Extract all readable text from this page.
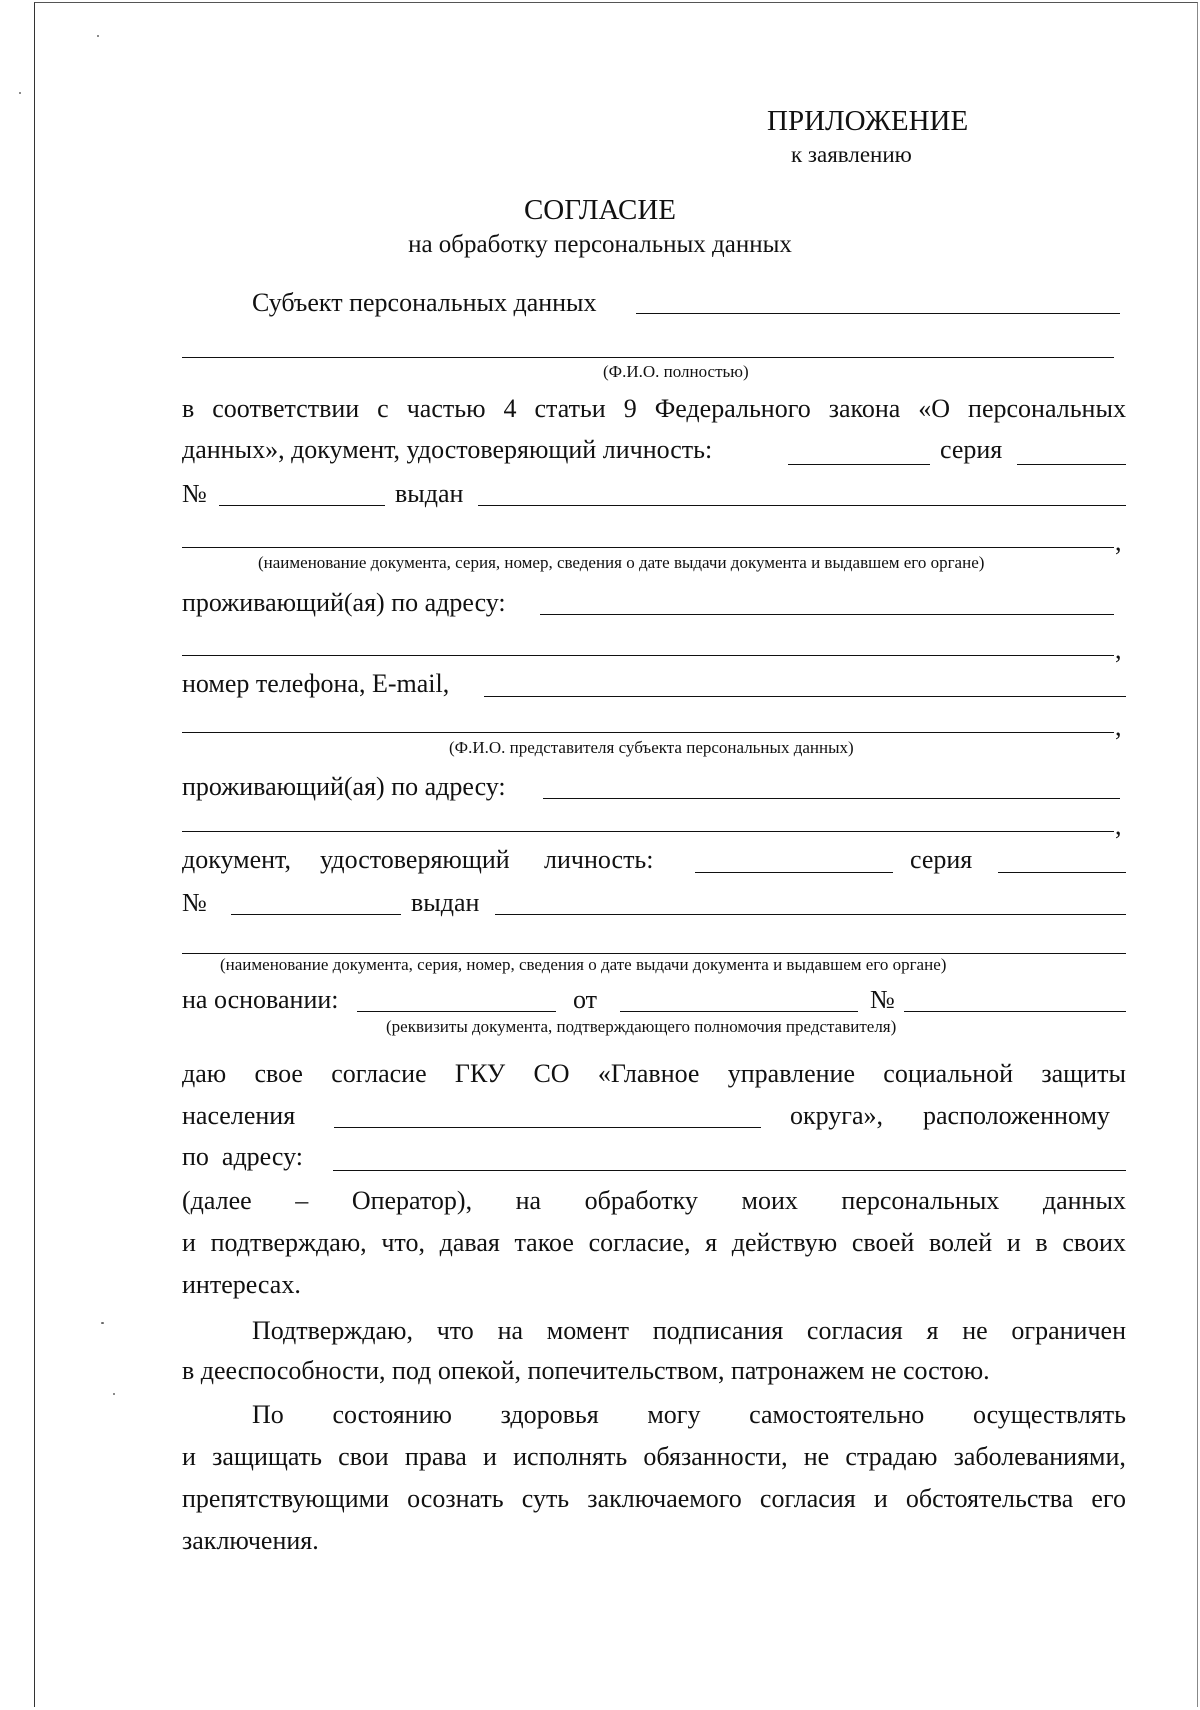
ПРИЛОЖЕНИЕ
к заявлению
СОГЛАСИЕ
на обработку персональных данных
Субъект персональных данных
(Ф.И.О. полностью)
в соответствии с частью 4 статьи 9 Федерального закона «О персональных
данных», документ, удостоверяющий личность:	серия
№	выдан
,
(наименование документа, серия, номер, сведения о дате выдачи документа и выдавшем его органе)
проживающий(ая) по адресу:
,
номер телефона, E-mail,
,
(Ф.И.О. представителя субъекта персональных данных)
проживающий(ая) по адресу:
,
документ, удостоверяющий личность:	серия
№	выдан
(наименование документа, серия, номер, сведения о дате выдачи документа и выдавшем его органе)
на основании:	от	№
(реквизиты документа, подтверждающего полномочия представителя)
даю свое согласие ГКУ СО «Главное управление социальной защиты
населения	округа», расположенному
по  адресу:
(далее – Оператор), на обработку моих персональных данных
и подтверждаю, что, давая такое согласие, я действую своей волей и в своих
интересах.
Подтверждаю, что на момент подписания согласия я не ограничен
в дееспособности, под опекой, попечительством, патронажем не состою.
По состоянию здоровья могу самостоятельно осуществлять
и защищать свои права и исполнять обязанности, не страдаю заболеваниями,
препятствующими осознать суть заключаемого согласия и обстоятельства его
заключения.
